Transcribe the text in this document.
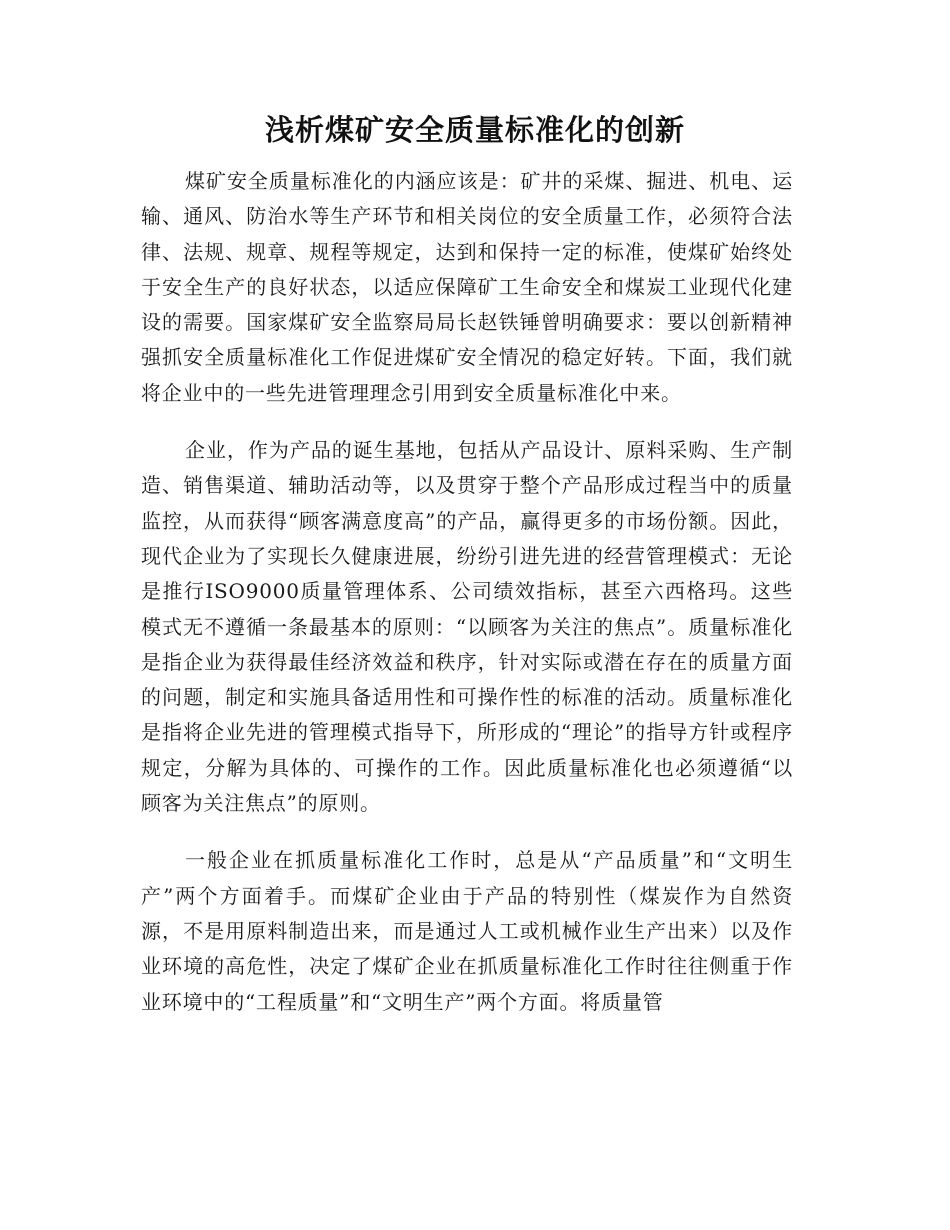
浅析煤矿安全质量标准化的创新

煤矿安全质量标准化的内涵应该是：矿井的采煤、掘进、机电、运输、通风、防治水等生产环节和相关岗位的安全质量工作，必须符合法律、法规、规章、规程等规定，达到和保持一定的标准，使煤矿始终处于安全生产的良好状态，以适应保障矿工生命安全和煤炭工业现代化建设的需要。国家煤矿安全监察局局长赵铁锤曾明确要求：要以创新精神强抓安全质量标准化工作促进煤矿安全情况的稳定好转。下面，我们就将企业中的一些先进管理理念引用到安全质量标准化中来。

企业，作为产品的诞生基地，包括从产品设计、原料采购、生产制造、销售渠道、辅助活动等，以及贯穿于整个产品形成过程当中的质量监控，从而获得“顾客满意度高”的产品，赢得更多的市场份额。因此，现代企业为了实现长久健康进展，纷纷引进先进的经营管理模式：无论是推行ISO9000质量管理体系、公司绩效指标，甚至六西格玛。这些模式无不遵循一条最基本的原则：“以顾客为关注的焦点”。质量标准化是指企业为获得最佳经济效益和秩序，针对实际或潜在存在的质量方面的问题，制定和实施具备适用性和可操作性的标准的活动。质量标准化是指将企业先进的管理模式指导下，所形成的“理论”的指导方针或程序规定，分解为具体的、可操作的工作。因此质量标准化也必须遵循“以顾客为关注焦点”的原则。

一般企业在抓质量标准化工作时，总是从“产品质量”和“文明生产”两个方面着手。而煤矿企业由于产品的特别性（煤炭作为自然资源，不是用原料制造出来，而是通过人工或机械作业生产出来）以及作业环境的高危性，决定了煤矿企业在抓质量标准化工作时往往侧重于作业环境中的“工程质量”和“文明生产”两个方面。将质量管
